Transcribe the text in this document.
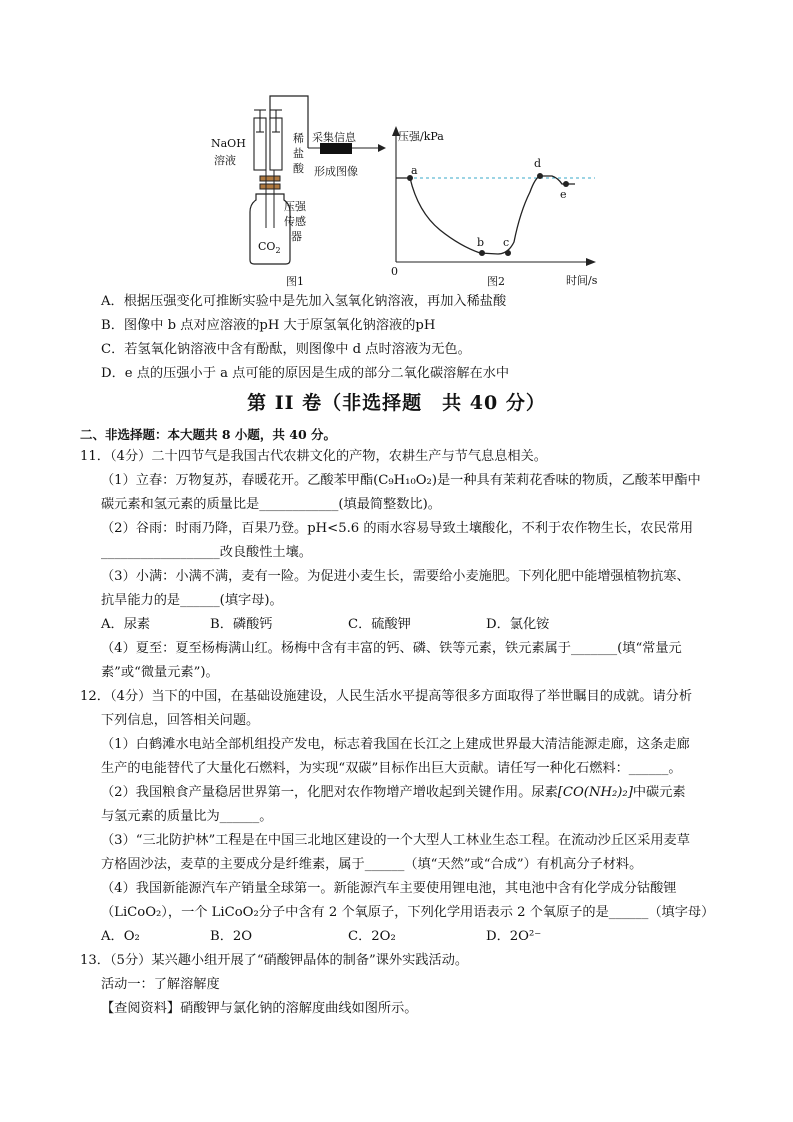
NaOH
溶液
稀
盐
酸
采集信息
形成图像
压强
传感
器
$CO_2$
图1
压强/kPa
时间/s
0
a
b c
d
e
图2
A．根据压强变化可推断实验中是先加入氢氧化钠溶液，再加入稀盐酸
B．图像中 b 点对应溶液的pH 大于原氢氧化钠溶液的pH
C．若氢氧化钠溶液中含有酚酞，则图像中 d 点时溶液为无色。
D．e 点的压强小于 a 点可能的原因是生成的部分二氧化碳溶解在水中
第 II 卷（非选择题　共 40 分）
二、非选择题：本大题共 8 小题，共 40 分。
11．（4分）二十四节气是我国古代农耕文化的产物，农耕生产与节气息息相关。
（1）立春：万物复苏，春暖花开。乙酸苯甲酯(C₉H₁₀O₂)是一种具有茉莉花香味的物质，乙酸苯甲酯中
碳元素和氢元素的质量比是____________(填最简整数比)。
（2）谷雨：时雨乃降，百果乃登。pH<5.6 的雨水容易导致土壤酸化，不利于农作物生长，农民常用
__________________改良酸性土壤。
（3）小满：小满不满，麦有一险。为促进小麦生长，需要给小麦施肥。下列化肥中能增强植物抗寒、
抗旱能力的是______(填字母)。
A．尿素	B．磷酸钙	C．硫酸钾	D．氯化铵
（4）夏至：夏至杨梅满山红。杨梅中含有丰富的钙、磷、铁等元素，铁元素属于_______(填“常量元
素”或“微量元素”)。
12．（4分）当下的中国，在基础设施建设，人民生活水平提高等很多方面取得了举世瞩目的成就。请分析
下列信息，回答相关问题。
（1）白鹤滩水电站全部机组投产发电，标志着我国在长江之上建成世界最大清洁能源走廊，这条走廊
生产的电能替代了大量化石燃料，为实现“双碳”目标作出巨大贡献。请任写一种化石燃料：______。
（2）我国粮食产量稳居世界第一，化肥对农作物增产增收起到关键作用。尿素[CO(NH₂)₂]中碳元素
与氢元素的质量比为______。
（3）“三北防护林”工程是在中国三北地区建设的一个大型人工林业生态工程。在流动沙丘区采用麦草
方格固沙法，麦草的主要成分是纤维素，属于______（填“天然”或“合成”）有机高分子材料。
（4）我国新能源汽车产销量全球第一。新能源汽车主要使用锂电池，其电池中含有化学成分钴酸锂
（LiCoO₂），一个 LiCoO₂分子中含有 2 个氧原子，下列化学用语表示 2 个氧原子的是______（填字母）
A．O₂	B．2O	C．2O₂	D．2O²⁻
13．（5分）某兴趣小组开展了“硝酸钾晶体的制备”课外实践活动。
活动一：了解溶解度
【查阅资料】硝酸钾与氯化钠的溶解度曲线如图所示。
